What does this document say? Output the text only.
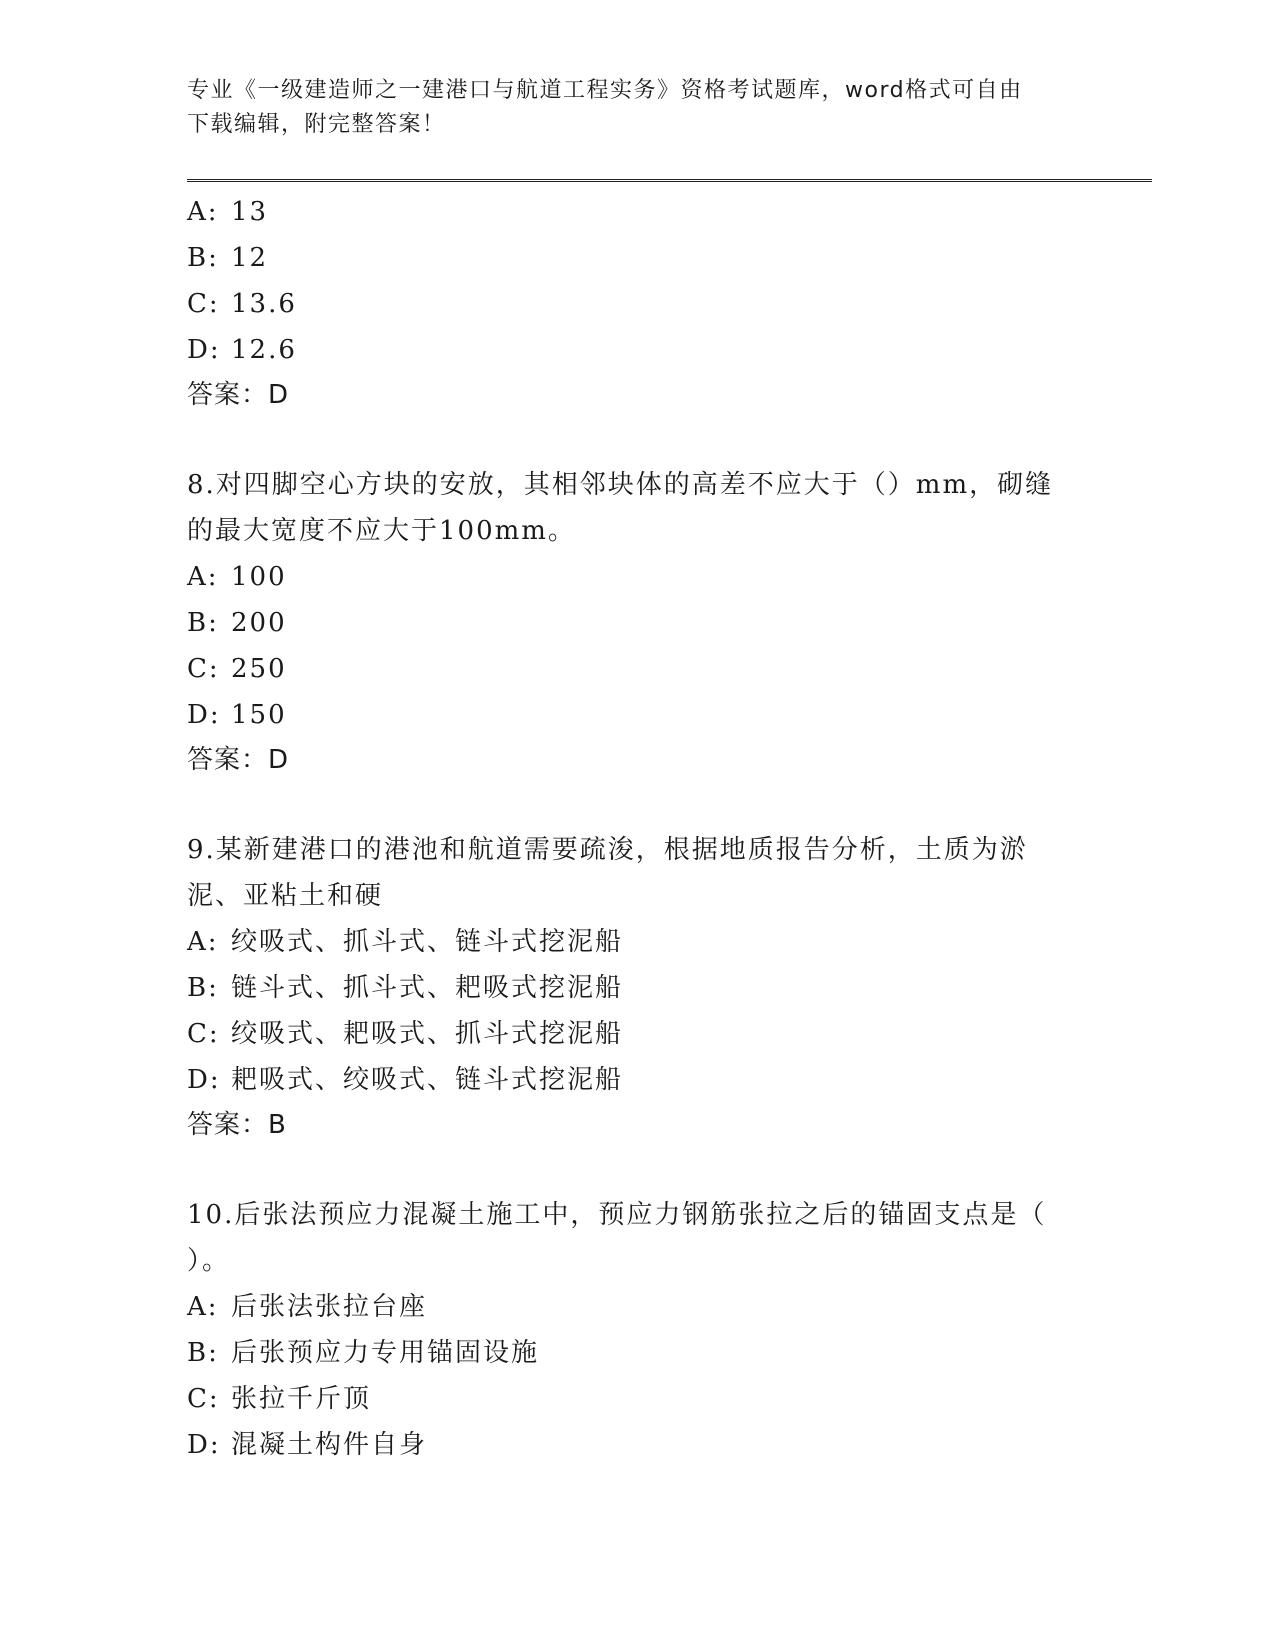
专业《一级建造师之一建港口与航道工程实务》资格考试题库，word格式可自由
下载编辑，附完整答案！

A: 13

B: 12

C: 13.6

D: 12.6

答案：D

8.对四脚空心方块的安放，其相邻块体的高差不应大于（）mm，砌缝

的最大宽度不应大于100mm。

A: 100

B: 200

C: 250

D: 150

答案：D

9.某新建港口的港池和航道需要疏浚，根据地质报告分析，土质为淤

泥、亚粘土和硬

A: 绞吸式、抓斗式、链斗式挖泥船

B: 链斗式、抓斗式、耙吸式挖泥船

C: 绞吸式、耙吸式、抓斗式挖泥船

D: 耙吸式、绞吸式、链斗式挖泥船

答案：B

10.后张法预应力混凝土施工中，预应力钢筋张拉之后的锚固支点是（

）。

A: 后张法张拉台座

B: 后张预应力专用锚固设施

C: 张拉千斤顶

D: 混凝土构件自身
